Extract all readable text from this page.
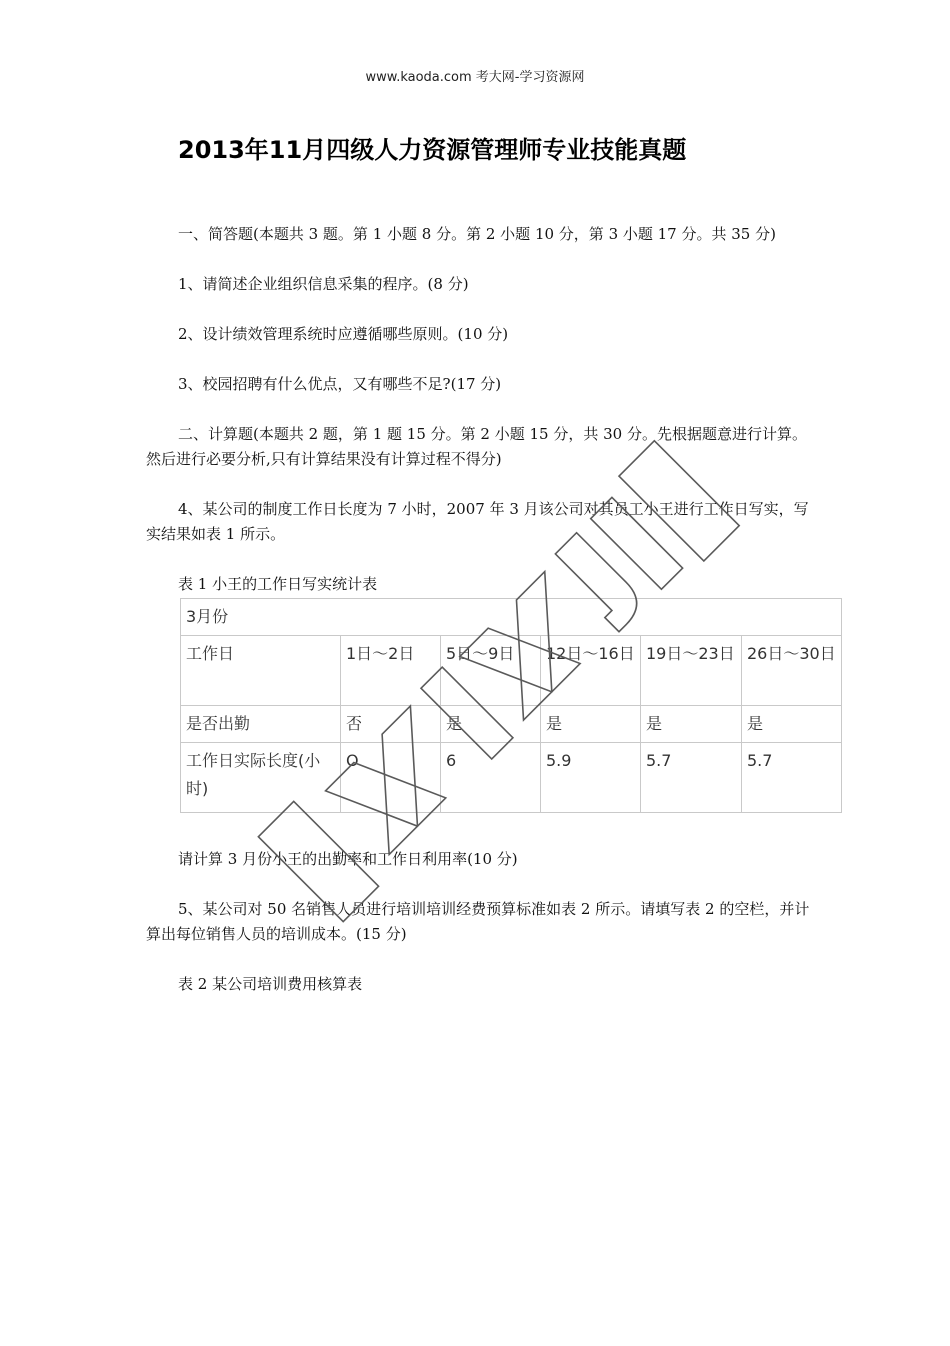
www.kaoda.com 考大网-学习资源网
2013年11月四级人力资源管理师专业技能真题

一、简答题(本题共 3 题。第 1 小题 8 分。第 2 小题 10 分，第 3 小题 17 分。共 35 分)

1、请简述企业组织信息采集的程序。(8 分)

2、设计绩效管理系统时应遵循哪些原则。(10 分)

3、校园招聘有什么优点，又有哪些不足?(17 分)

二、计算题(本题共 2 题，第 1 题 15 分。第 2 小题 15 分，共 30 分。先根据题意进行计算。然后进行必要分析,只有计算结果没有计算过程不得分)

4、某公司的制度工作日长度为 7 小时，2007 年 3 月该公司对其员工小王进行工作日写实，写实结果如表 1 所示。

表 1 小王的工作日写实统计表

3月份					
工作日	1日～2日	5日～9日	12日～16日	19日～23日	26日～30日
是否出勤	否	是	是	是	是
工作日实际长度(小时)	O	6	5.9	5.7	5.7

请计算 3 月份小王的出勤率和工作日利用率(10 分)

5、某公司对 50 名销售人员进行培训培训经费预算标准如表 2 所示。请填写表 2 的空栏，并计算出每位销售人员的培训成本。(15 分)

表 2 某公司培训费用核算表
